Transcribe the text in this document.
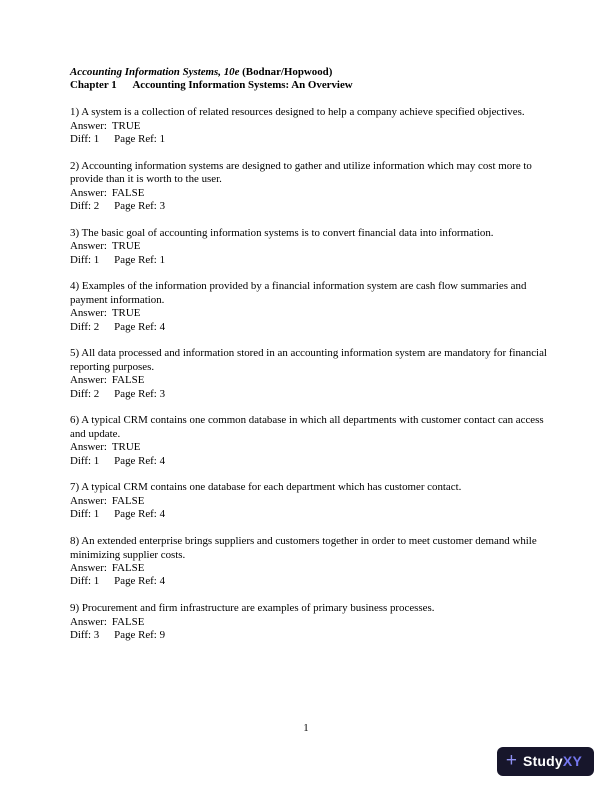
Accounting Information Systems, 10e (Bodnar/Hopwood)

Chapter 1 Accounting Information Systems: An Overview

1) A system is a collection of related resources designed to help a company achieve specified objectives.

Answer: TRUE

Diff: 1 Page Ref: 1

2) Accounting information systems are designed to gather and utilize information which may cost more to provide than it is worth to the user.

Answer: FALSE

Diff: 2 Page Ref: 3

3) The basic goal of accounting information systems is to convert financial data into information.

Answer: TRUE

Diff: 1 Page Ref: 1

4) Examples of the information provided by a financial information system are cash flow summaries and payment information.

Answer: TRUE

Diff: 2 Page Ref: 4

5) All data processed and information stored in an accounting information system are mandatory for financial reporting purposes.

Answer: FALSE

Diff: 2 Page Ref: 3

6) A typical CRM contains one common database in which all departments with customer contact can access and update.

Answer: TRUE

Diff: 1 Page Ref: 4

7) A typical CRM contains one database for each department which has customer contact.

Answer: FALSE

Diff: 1 Page Ref: 4

8) An extended enterprise brings suppliers and customers together in order to meet customer demand while minimizing supplier costs.

Answer: FALSE

Diff: 1 Page Ref: 4

9) Procurement and firm infrastructure are examples of primary business processes.

Answer: FALSE

Diff: 3 Page Ref: 9

1
+ Study XY
